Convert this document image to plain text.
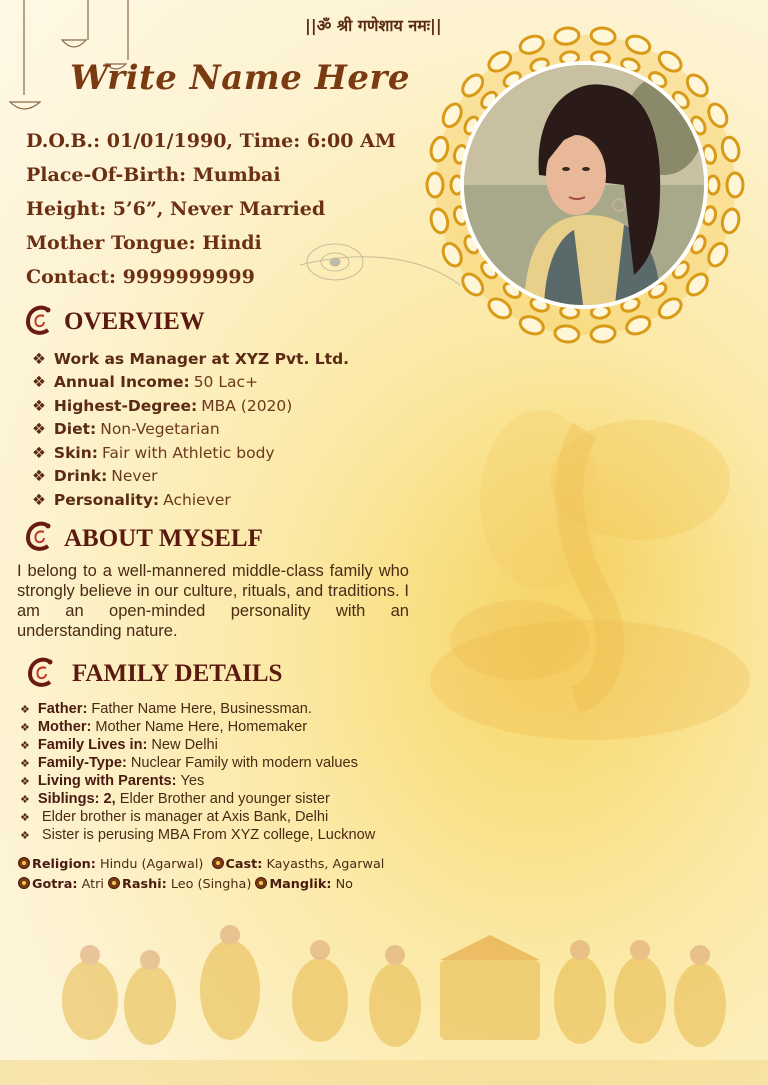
||ॐ श्री गणेशाय नमः||
Write Name Here
D.O.B.: 01/01/1990, Time: 6:00 AM
Place-Of-Birth: Mumbai
Height: 5’6”, Never Married
Mother Tongue: Hindi
Contact: 9999999999
OVERVIEW
❖ Work as Manager at XYZ Pvt. Ltd.
❖ Annual Income: 50 Lac+
❖ Highest-Degree: MBA (2020)
❖ Diet: Non-Vegetarian
❖ Skin: Fair with Athletic body
❖ Drink: Never
❖ Personality: Achiever
ABOUT MYSELF
I belong to a well-mannered middle-class family who strongly believe in our culture, rituals, and traditions. I am an open-minded personality with an understanding nature.
FAMILY DETAILS
❖ Father: Father Name Here, Businessman.
❖ Mother: Mother Name Here, Homemaker
❖ Family Lives in: New Delhi
❖ Family-Type: Nuclear Family with modern values
❖ Living with Parents: Yes
❖ Siblings: 2, Elder Brother and younger sister
❖ Elder brother is manager at Axis Bank, Delhi
❖ Sister is perusing MBA From XYZ college, Lucknow
Religion: Hindu (Agarwal) Cast: Kayasths, Agarwal
Gotra: Atri Rashi: Leo (Singha) Manglik: No
